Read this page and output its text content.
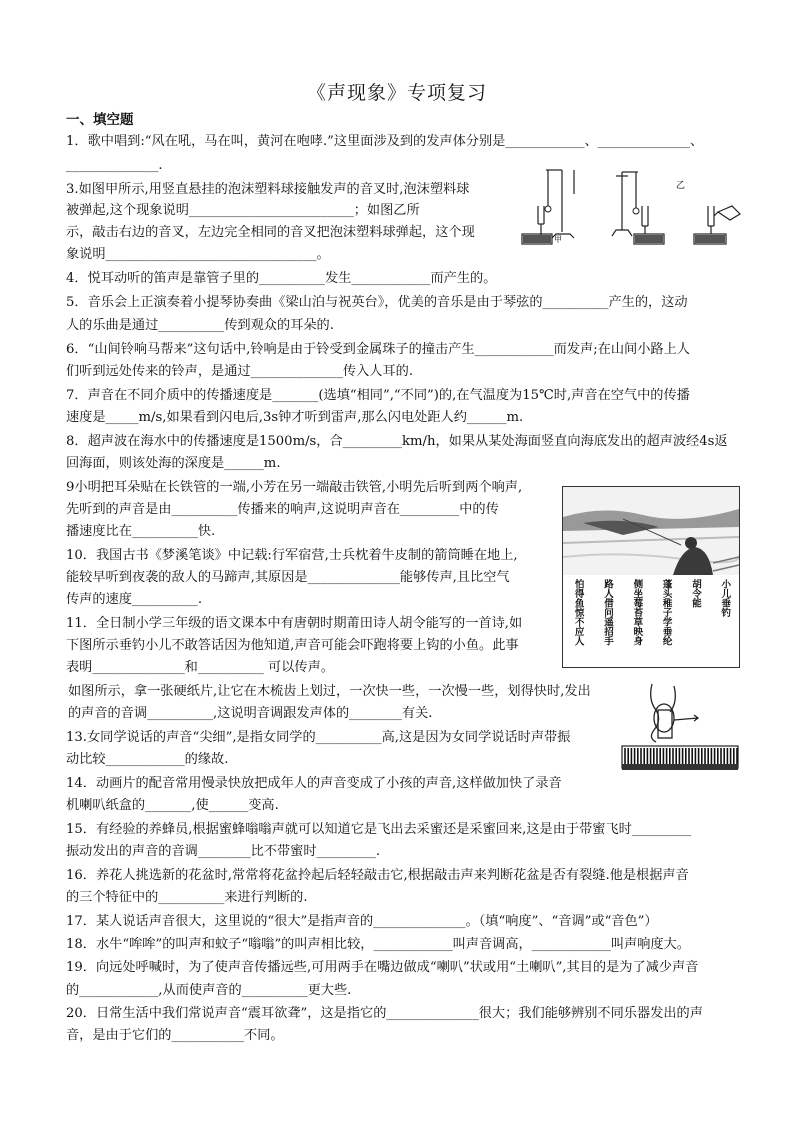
《声现象》专项复习
一、填空题
1．歌中唱到:“风在吼，马在叫，黄河在咆哮.”这里面涉及到的发声体分别是____________、______________、
______________.
3.如图甲所示,用竖直悬挂的泡沫塑料球接触发声的音叉时,泡沫塑料球
被弹起,这个现象说明_________________________；如图乙所
示，敲击右边的音叉，左边完全相同的音叉把泡沫塑料球弹起，这个现
象说明________________________________。
4．悦耳动听的笛声是靠管子里的__________发生____________而产生的。
5．音乐会上正演奏着小提琴协奏曲《梁山泊与祝英台》，优美的音乐是由于琴弦的__________产生的，这动
人的乐曲是通过__________传到观众的耳朵的.
6．“山间铃响马帮来”这句话中,铃响是由于铃受到金属珠子的撞击产生____________而发声;在山间小路上人
们听到远处传来的铃声，是通过______________传入人耳的.
7．声音在不同介质中的传播速度是_______(选填“相同”,“不同”)的,在气温度为15℃时,声音在空气中的传播
速度是_____m/s,如果看到闪电后,3s钟才听到雷声,那么闪电处距人约______m.
8．超声波在海水中的传播速度是1500m/s，合_________km/h，如果从某处海面竖直向海底发出的超声波经4s返
回海面，则该处海的深度是______m.
9小明把耳朵贴在长铁管的一端,小芳在另一端敲击铁管,小明先后听到两个响声,
先听到的声音是由__________传播来的响声,这说明声音在_________中的传
播速度比在__________快.
10．我国古书《梦溪笔谈》中记载:行军宿营,士兵枕着牛皮制的箭筒睡在地上,
能较早听到夜袭的敌人的马蹄声,其原因是______________能够传声,且比空气
传声的速度__________.
11．全日制小学三年级的语文课本中有唐朝时期莆田诗人胡令能写的一首诗,如
下图所示垂钓小儿不敢答话因为他知道,声音可能会吓跑将要上钩的小鱼。此事
表明______________和__________ 可以传声。
如图所示，拿一张硬纸片,让它在木梳齿上划过，一次快一些，一次慢一些，划得快时,发出
的声音的音调__________,这说明音调跟发声体的________有关.
13.女同学说话的声音“尖细”,是指女同学的__________高,这是因为女同学说话时声带振
动比较____________的缘故.
14．动画片的配音常用慢录快放把成年人的声音变成了小孩的声音,这样做加快了录音
机喇叭纸盒的_______,使______变高.
15．有经验的养蜂员,根据蜜蜂嗡嗡声就可以知道它是飞出去采蜜还是采蜜回来,这是由于带蜜飞时_________
振动发出的声音的音调________比不带蜜时_________.
16．养花人挑选新的花盆时,常常将花盆拎起后轻轻敲击它,根据敲击声来判断花盆是否有裂缝.他是根据声音
的三个特征中的__________来进行判断的.
17．某人说话声音很大，这里说的“很大”是指声音的______________。（填“响度”、“音调”或“音色”）
18．水牛“哞哞”的叫声和蚊子“嗡嗡”的叫声相比较，____________叫声音调高，____________叫声响度大。
19．向远处呼喊时，为了使声音传播远些,可用两手在嘴边做成“喇叭”状或用“土喇叭”,其目的是为了减少声音
的____________,从而使声音的__________更大些.
20．日常生活中我们常说声音“震耳欲聋”，这是指它的______________很大；我们能够辨别不同乐器发出的声
音，是由于它们的___________不同。
甲
乙
小儿垂钓
胡令能
蓬头稚子学垂纶
侧坐莓苔草映身
路人借问遥招手
怕得鱼惊不应人
